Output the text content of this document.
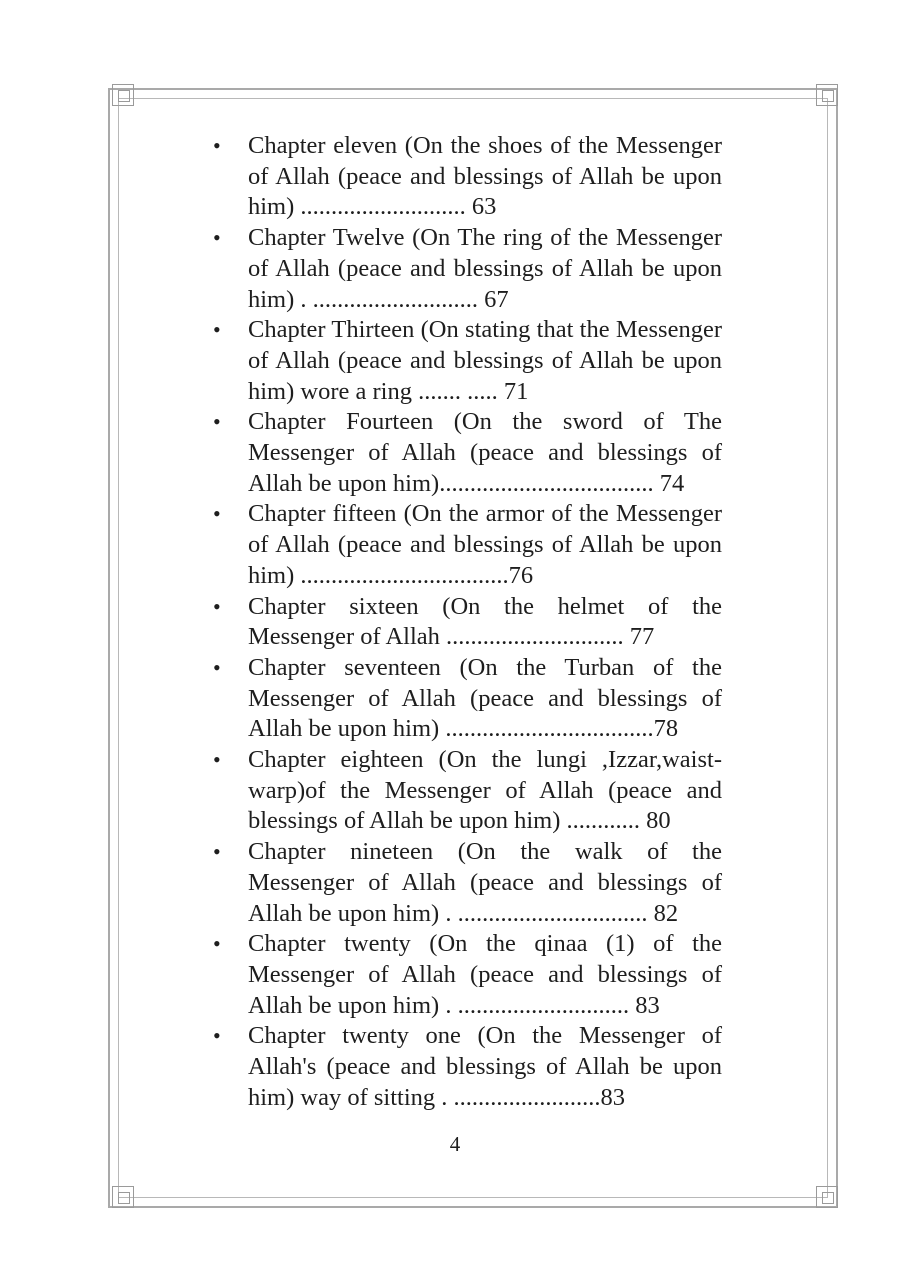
• Chapter eleven (On the shoes of the Messenger of Allah (peace and blessings of Allah be upon him) ........................... 63
• Chapter Twelve (On The ring of the Messenger of Allah (peace and blessings of Allah be upon him) . ........................... 67
• Chapter Thirteen (On stating that the Messenger of Allah (peace and blessings of Allah be upon him) wore a ring ....... ..... 71
• Chapter Fourteen (On the sword of The Messenger of Allah (peace and blessings of Allah be upon him)................................... 74
• Chapter fifteen (On the armor of the Messenger of Allah (peace and blessings of Allah be upon him) ..................................76
• Chapter sixteen (On the helmet of the Messenger of Allah ............................. 77
• Chapter seventeen (On the Turban of the Messenger of Allah (peace and blessings of Allah be upon him) ..................................78
• Chapter eighteen (On the lungi ,Izzar,waist-warp)of the Messenger of Allah (peace and blessings of Allah be upon him) ............ 80
• Chapter nineteen (On the walk of the Messenger of Allah (peace and blessings of Allah be upon him) . ............................... 82
• Chapter twenty (On the qinaa (1) of the Messenger of Allah (peace and blessings of Allah be upon him) . ............................ 83
• Chapter twenty one (On the Messenger of Allah's (peace and blessings of Allah be upon him) way of sitting . ........................83
4
